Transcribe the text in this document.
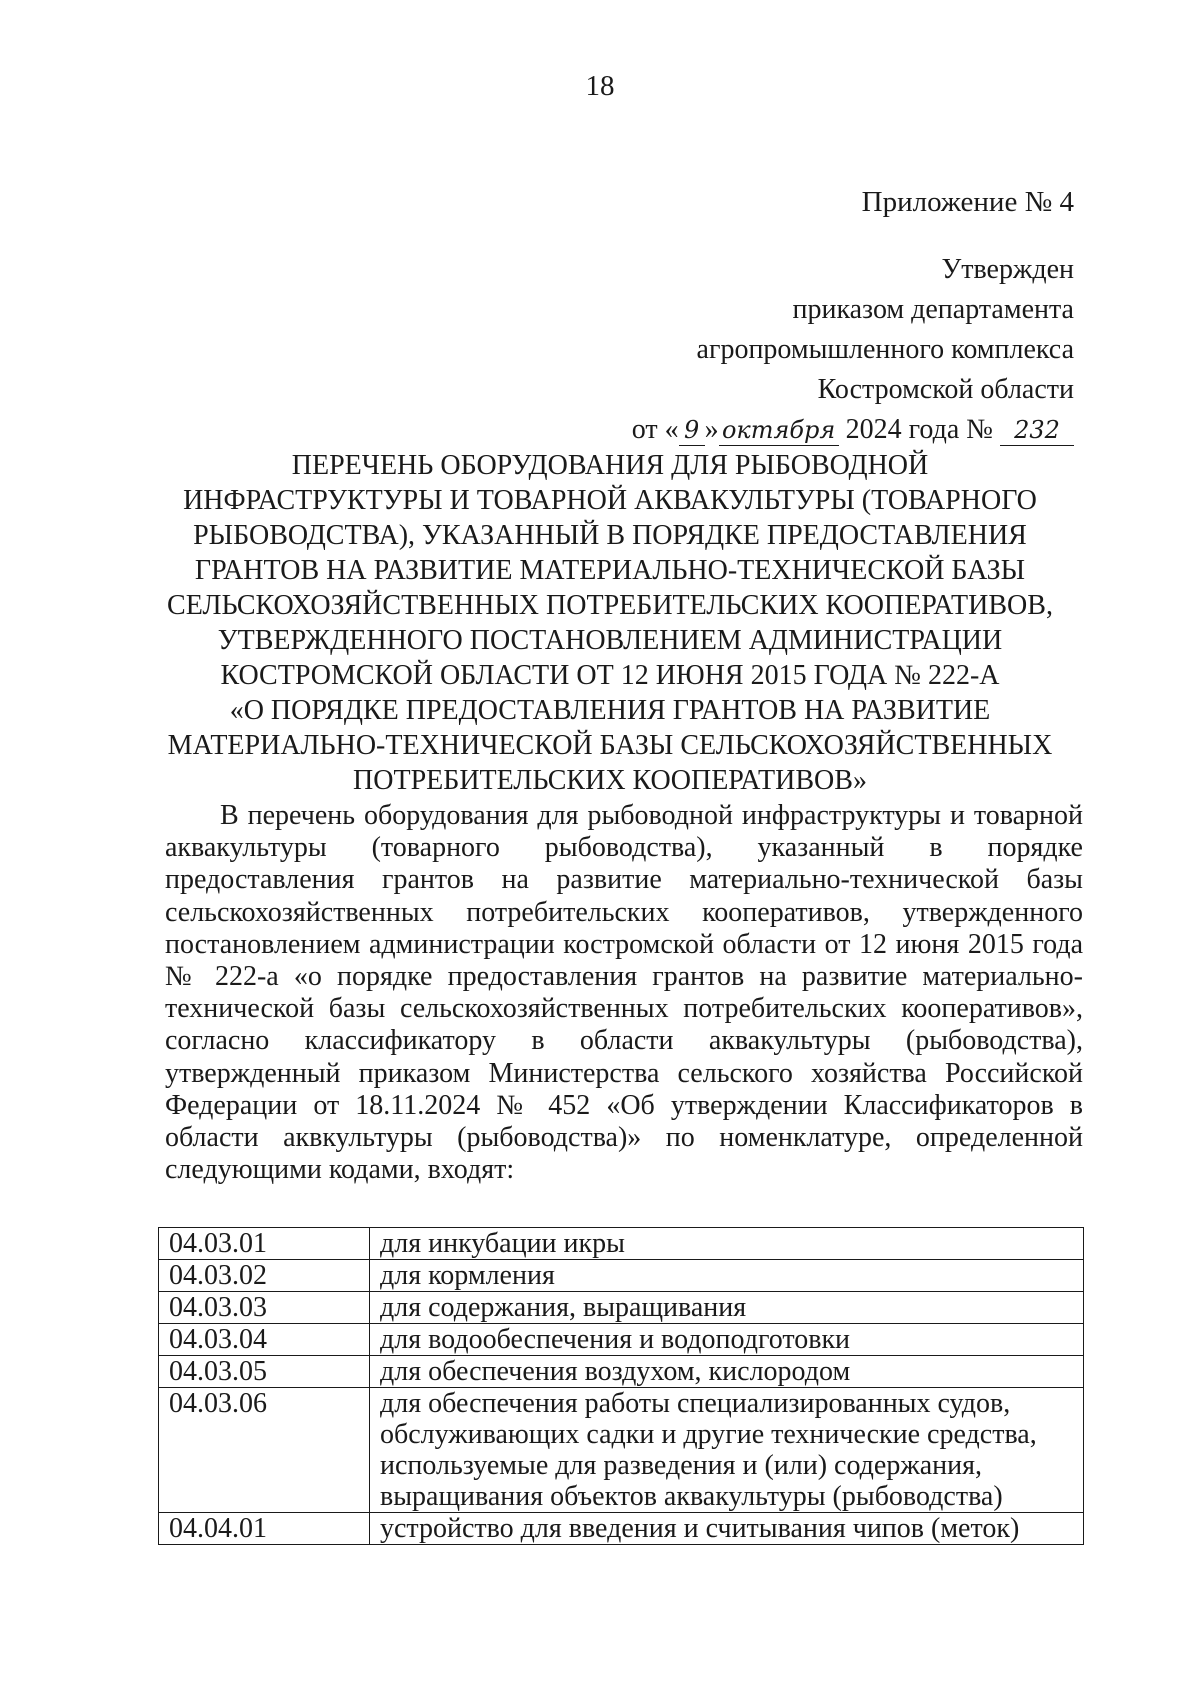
18
Приложение № 4
Утвержден
приказом департамента
агропромышленного комплекса
Костромской области
от « 9 » октября 2024 года № 232
ПЕРЕЧЕНЬ ОБОРУДОВАНИЯ ДЛЯ РЫБОВОДНОЙ
ИНФРАСТРУКТУРЫ И ТОВАРНОЙ АКВАКУЛЬТУРЫ (ТОВАРНОГО
РЫБОВОДСТВА), УКАЗАННЫЙ В ПОРЯДКЕ ПРЕДОСТАВЛЕНИЯ
ГРАНТОВ НА РАЗВИТИЕ МАТЕРИАЛЬНО-ТЕХНИЧЕСКОЙ БАЗЫ
СЕЛЬСКОХОЗЯЙСТВЕННЫХ ПОТРЕБИТЕЛЬСКИХ КООПЕРАТИВОВ,
УТВЕРЖДЕННОГО ПОСТАНОВЛЕНИЕМ АДМИНИСТРАЦИИ
КОСТРОМСКОЙ ОБЛАСТИ ОТ 12 ИЮНЯ 2015 ГОДА № 222-А
«О ПОРЯДКЕ ПРЕДОСТАВЛЕНИЯ ГРАНТОВ НА РАЗВИТИЕ
МАТЕРИАЛЬНО-ТЕХНИЧЕСКОЙ БАЗЫ СЕЛЬСКОХОЗЯЙСТВЕННЫХ
ПОТРЕБИТЕЛЬСКИХ КООПЕРАТИВОВ»
В перечень оборудования для рыбоводной инфраструктуры и товарной аквакультуры (товарного рыбоводства), указанный в порядке предоставления грантов на развитие материально-технической базы сельскохозяйственных потребительских кооперативов, утвержденного постановлением администрации костромской области от 12 июня 2015 года № 222-а «о порядке предоставления грантов на развитие материально-технической базы сельскохозяйственных потребительских кооперативов», согласно классификатору в области аквакультуры (рыбоводства), утвержденный приказом Министерства сельского хозяйства Российской Федерации от 18.11.2024 № 452 «Об утверждении Классификаторов в области аквкультуры (рыбоводства)» по номенклатуре, определенной следующими кодами, входят:
04.03.01	для инкубации икры
04.03.02	для кормления
04.03.03	для содержания, выращивания
04.03.04	для водообеспечения и водоподготовки
04.03.05	для обеспечения воздухом, кислородом
04.03.06	для обеспечения работы специализированных судов, обслуживающих садки и другие технические средства, используемые для разведения и (или) содержания, выращивания объектов аквакультуры (рыбоводства)
04.04.01	устройство для введения и считывания чипов (меток)
